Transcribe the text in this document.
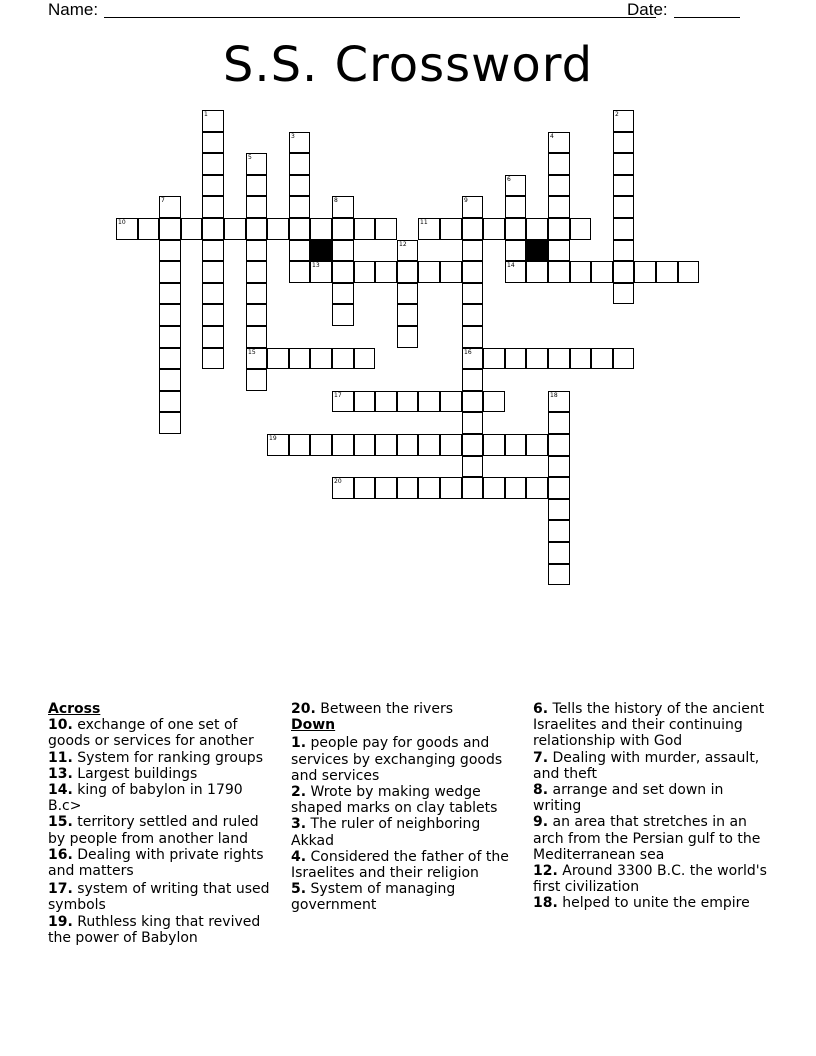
Name:	Date:
S.S. Crossword
1	2
3	4
5
15
6
14
7	8	9
16
10	11
12
13
17	18
19
20
Across
10. exchange of one set of goods or services for another
11. System for ranking groups
13. Largest buildings
14. king of babylon in 1790 B.c>
15. territory settled and ruled by people from another land
16. Dealing with private rights and matters
17. system of writing that used symbols
19. Ruthless king that revived the power of Babylon
20. Between the rivers
Down
1. people pay for goods and services by exchanging goods and services
2. Wrote by making wedge shaped marks on clay tablets
3. The ruler of neighboring Akkad
4. Considered the father of the Israelites and their religion
5. System of managing government
6. Tells the history of the ancient Israelites and their continuing relationship with God
7. Dealing with murder, assault, and theft
8. arrange and set down in writing
9. an area that stretches in an arch from the Persian gulf to the Mediterranean sea
12. Around 3300 B.C. the world's first civilization
18. helped to unite the empire
